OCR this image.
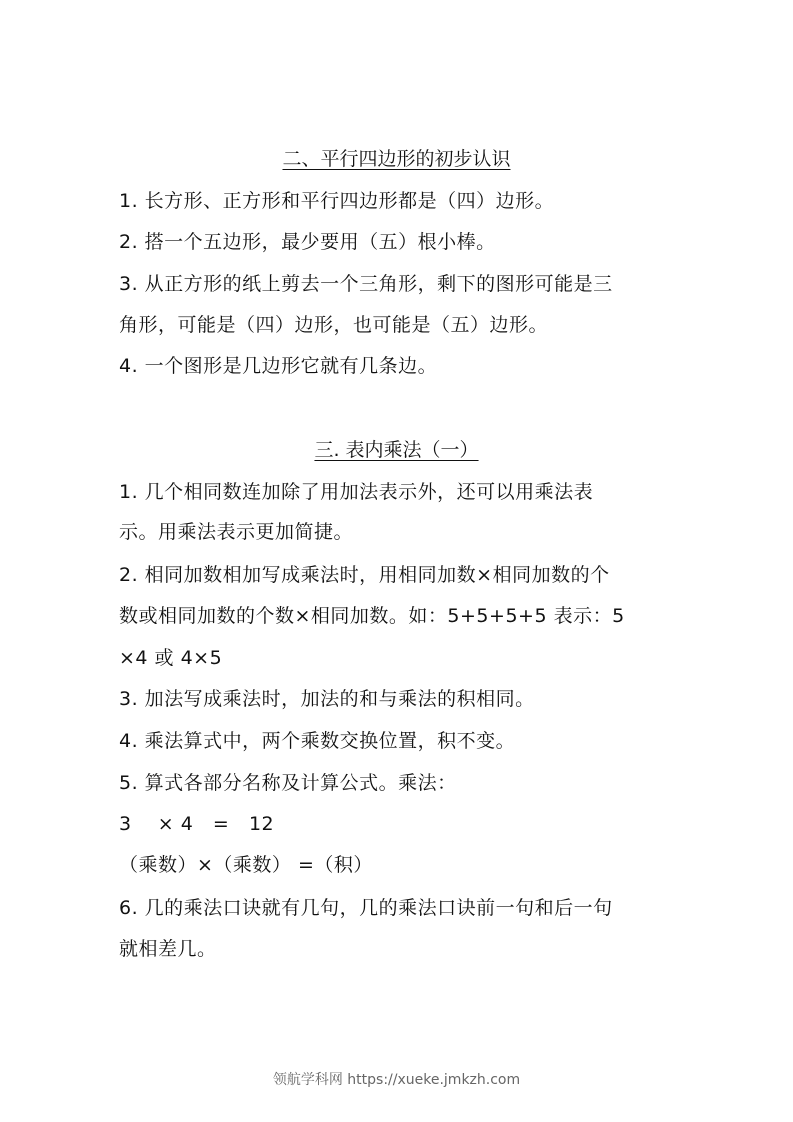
二、平行四边形的初步认识
1. 长方形、正方形和平行四边形都是（四）边形。
2. 搭一个五边形，最少要用（五）根小棒。
3. 从正方形的纸上剪去一个三角形，剩下的图形可能是三
角形，可能是（四）边形，也可能是（五）边形。
4. 一个图形是几边形它就有几条边。
三. 表内乘法（一）
1. 几个相同数连加除了用加法表示外，还可以用乘法表
示。用乘法表示更加简捷。
2. 相同加数相加写成乘法时，用相同加数×相同加数的个
数或相同加数的个数×相同加数。如：5+5+5+5 表示：5
×4 或 4×5
3. 加法写成乘法时，加法的和与乘法的积相同。
4. 乘法算式中，两个乘数交换位置，积不变。
5. 算式各部分名称及计算公式。乘法：
3    × 4   =   12
（乘数）×（乘数） =（积）
6. 几的乘法口诀就有几句，几的乘法口诀前一句和后一句
就相差几。
领航学科网 https://xueke.jmkzh.com
